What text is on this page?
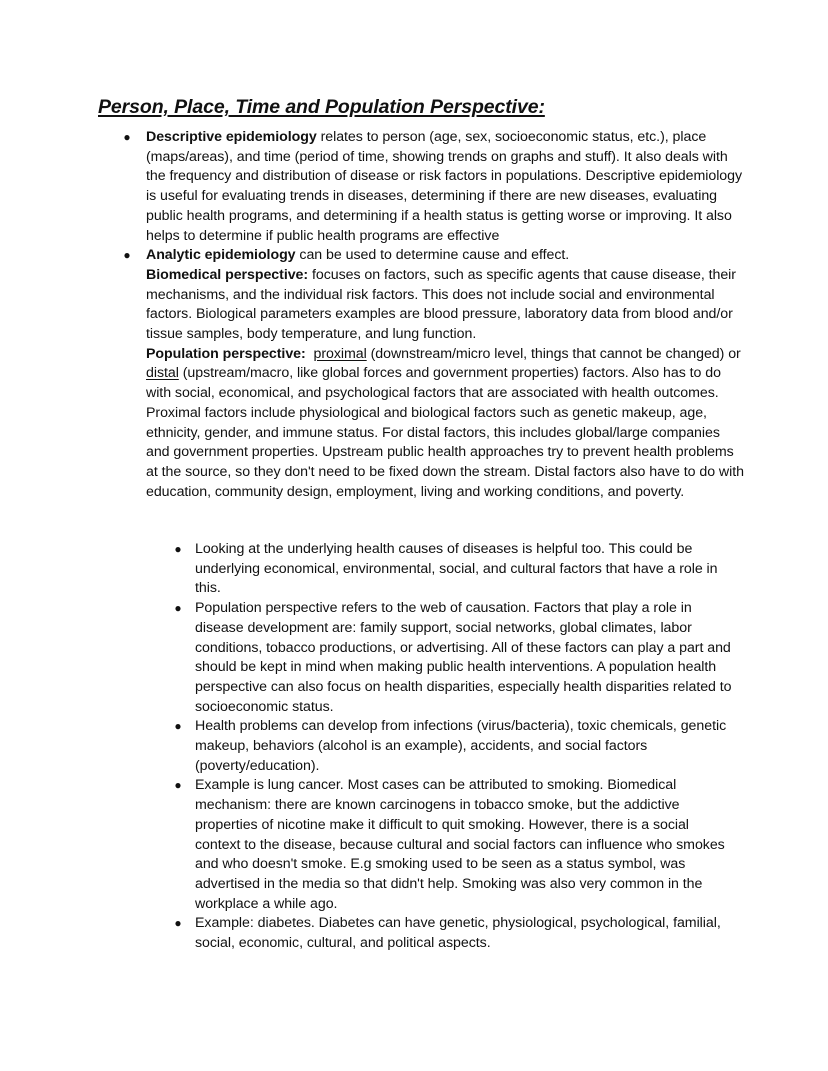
Person, Place, Time and Population Perspective:
● Descriptive epidemiology relates to person (age, sex, socioeconomic status, etc.), place (maps/areas), and time (period of time, showing trends on graphs and stuff). It also deals with the frequency and distribution of disease or risk factors in populations. Descriptive epidemiology is useful for evaluating trends in diseases, determining if there are new diseases, evaluating public health programs, and determining if a health status is getting worse or improving. It also helps to determine if public health programs are effective
● Analytic epidemiology can be used to determine cause and effect.
Biomedical perspective: focuses on factors, such as specific agents that cause disease, their mechanisms, and the individual risk factors. This does not include social and environmental factors. Biological parameters examples are blood pressure, laboratory data from blood and/or tissue samples, body temperature, and lung function.
Population perspective: proximal (downstream/micro level, things that cannot be changed) or distal (upstream/macro, like global forces and government properties) factors. Also has to do with social, economical, and psychological factors that are associated with health outcomes.  Proximal factors include physiological and biological factors such as genetic makeup, age, ethnicity, gender, and immune status. For distal factors, this includes global/large companies and government properties. Upstream public health approaches try to prevent health problems at the source, so they don't need to be fixed down the stream. Distal factors also have to do with education, community design, employment, living and working conditions, and poverty.
● Looking at the underlying health causes of diseases is helpful too. This could be underlying economical, environmental, social, and cultural factors that have a role in this.
● Population perspective refers to the web of causation. Factors that play a role in disease development are: family support, social networks, global climates, labor conditions, tobacco productions, or advertising. All of these factors can play a part and should be kept in mind when making public health interventions. A population health perspective can also focus on health disparities, especially health disparities related to socioeconomic status.
● Health problems can develop from infections (virus/bacteria), toxic chemicals, genetic makeup, behaviors (alcohol is an example), accidents, and social factors (poverty/education).
● Example is lung cancer. Most cases can be attributed to smoking. Biomedical mechanism: there are known carcinogens in tobacco smoke, but the addictive properties of nicotine make it difficult to quit smoking. However, there is a social context to the disease, because cultural and social factors can influence who smokes and who doesn't smoke. E.g smoking used to be seen as a status symbol, was advertised in the media so that didn't help. Smoking was also very common in the workplace a while ago.
● Example: diabetes. Diabetes can have genetic, physiological, psychological, familial, social, economic, cultural, and political aspects.
